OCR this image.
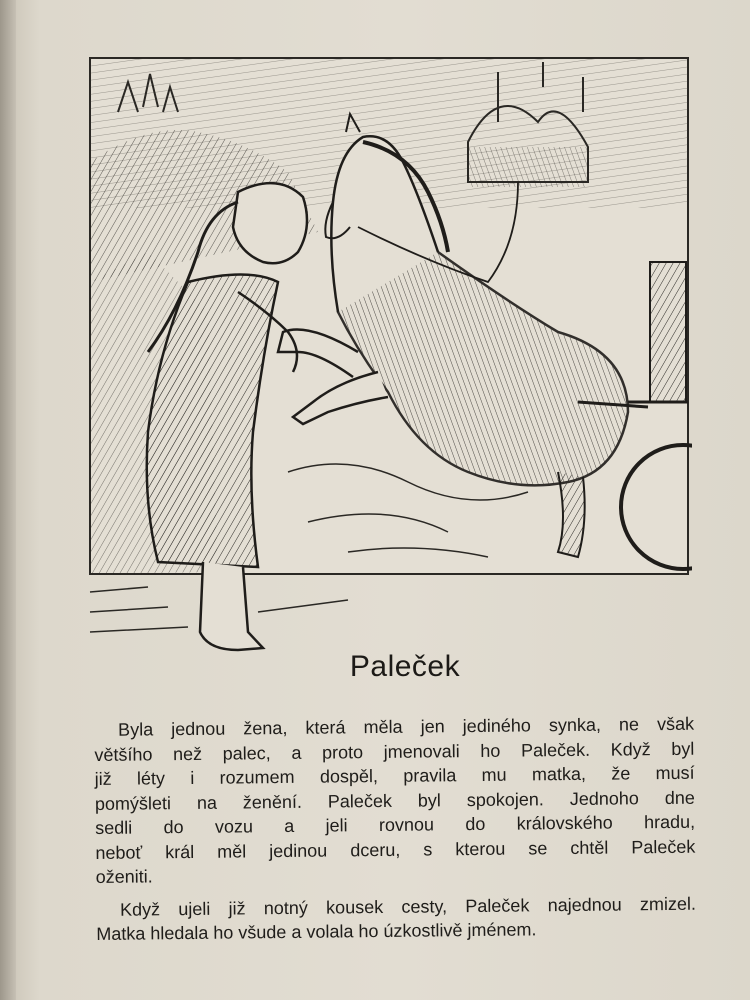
Paleček

Byla jednou žena, která měla jen jediného synka, ne však

většího než palec, a proto jmenovali ho Paleček. Když byl

již léty i rozumem dospěl, pravila mu matka, že musí

pomýšleti na ženění. Paleček byl spokojen. Jednoho dne

sedli do vozu a jeli rovnou do královského hradu,

neboť král měl jedinou dceru, s kterou se chtěl Paleček

oženiti.

Když ujeli již notný kousek cesty, Paleček najednou zmizel.

Matka hledala ho všude a volala ho úzkostlivě jménem.
